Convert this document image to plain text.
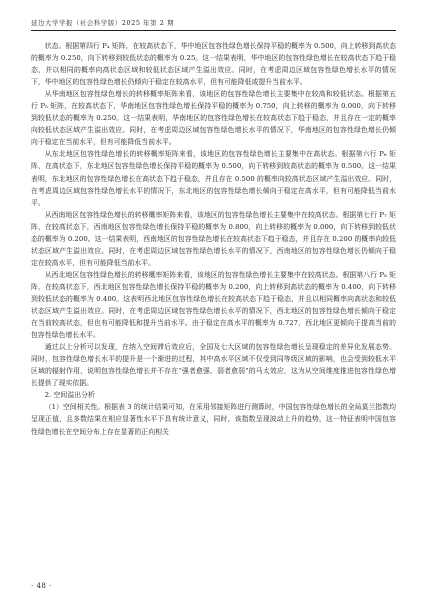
延边大学学报（社会科学版）2025 年第 2 期

状态。根据第四行 P₄ 矩阵，在较高状态下，华中地区包容性绿色增长保持平稳的概率为 0.500，向上转移到高状态的概率为 0.250，向下转移到较低状态的概率为 0.25。这一结果表明，华中地区的包容性绿色增长在较高状态下趋于稳态，并以相同的概率向高状态区域和较低状态区域产生溢出效应。同时，在考虑周边区域包容性绿色增长水平的情况下，华中地区的包容性绿色增长仍倾向于稳定在较高水平，但有可能降低或提升当前水平。

从华南地区包容性绿色增长的转移概率矩阵来看，该地区的包容性绿色增长主要集中在较高和较低状态。根据第五行 P₅ 矩阵，在较高状态下，华南地区包容性绿色增长保持平稳的概率为 0.750，向上转移的概率为 0.000，向下转移到较低状态的概率为 0.250。这一结果表明，华南地区的包容性绿色增长在较高状态下趋于稳态，并且存在一定的概率向较低状态区域产生溢出效应。同时，在考虑周边区域包容性绿色增长水平的情况下，华南地区的包容性绿色增长仍倾向于稳定在当前水平，但有可能降低当前水平。

从东北地区包容性绿色增长的转移概率矩阵来看，该地区的包容性绿色增长主要集中在高状态。根据第六行 P₆ 矩阵，在高状态下，东北地区包容性绿色增长保持平稳的概率为 0.500，向下转移到较高状态的概率为 0.500。这一结果表明，东北地区的包容性绿色增长在高状态下趋于稳态，并且存在 0.500 的概率向较高状态区域产生溢出效应。同时，在考虑周边区域包容性绿色增长水平的情况下，东北地区的包容性绿色增长倾向于稳定在高水平，但有可能降低当前水平。

从西南地区包容性绿色增长的转移概率矩阵来看，该地区的包容性绿色增长主要集中在较高状态。根据第七行 P₇ 矩阵，在较高状态下，西南地区包容性绿色增长保持平稳的概率为 0.800，向上转移的概率为 0.000，向下转移到较低状态的概率为 0.200。这一结果表明，西南地区的包容性绿色增长在较高状态下趋于稳态，并且存在 0.200 的概率向较低状态区域产生溢出效应。同时，在考虑周边区域包容性绿色增长水平的情况下，西南地区的包容性绿色增长仍倾向于稳定在较高水平，但有可能降低当前水平。

从西北地区包容性绿色增长的转移概率矩阵来看，该地区的包容性绿色增长主要集中在较高状态。根据第八行 P₈ 矩阵，在较高状态下，西北地区包容性绿色增长保持平稳的概率为 0.200，向上转移到高状态的概率为 0.400，向下转移到较低状态的概率为 0.400。这表明西北地区包容性绿色增长在较高状态下趋于稳态，并且以相同概率向高状态和较低状态区域产生溢出效应。同时，在考虑周边区域包容性绿色增长水平的情况下，西北地区的包容性绿色增长倾向于稳定在当前较高状态，但也有可能降低和提升当前水平。由于稳定在高水平的概率为 0.727，西北地区更倾向于提高当前的包容性绿色增长水平。

通过以上分析可以发现，在纳入空间滞后效应后，全国及七大区域的包容性绿色增长呈现稳定的差异化发展态势。同时，包容性绿色增长水平的提升是一个渐进的过程，其中高水平区域不仅受到同等级区域的影响，也会受到较低水平区域的辐射作用，说明包容性绿色增长并不存在“强者愈强、弱者愈弱”的马太效应，这为从空间维度推进包容性绿色增长提供了现实依据。

2. 空间溢出分析

（1）空间相关性。根据表 3 的统计结果可知，在采用邻接矩阵进行测算时，中国包容性绿色增长的全局莫兰指数均呈现正值，且多数结果在相应显著性水平下具有统计意义，同时，该指数呈现波动上升的趋势，这一特征表明中国包容性绿色增长在空间分布上存在显著的正向相关

· 48 ·
